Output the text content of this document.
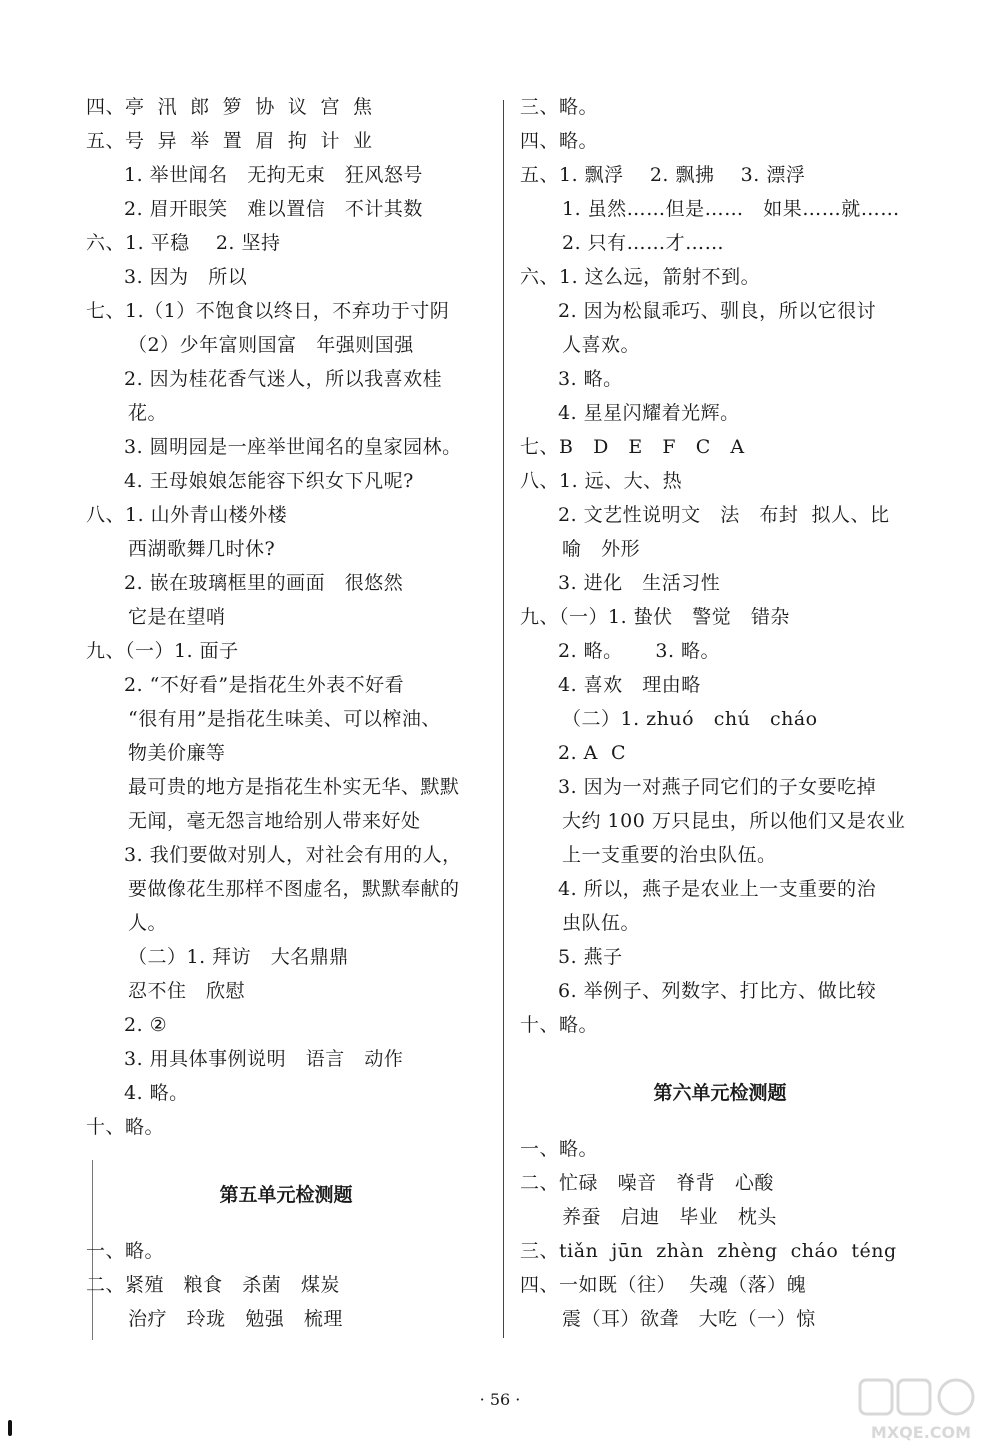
四、亭  汛  郎  箩  协  议  宫  焦
五、号  异  举  置  眉  拘  计  业
1. 举世闻名   无拘无束   狂风怒号
2. 眉开眼笑   难以置信   不计其数
六、1. 平稳    2. 坚持
3. 因为   所以
七、1.（1）不饱食以终日，不弃功于寸阴
（2）少年富则国富   年强则国强
2. 因为桂花香气迷人，所以我喜欢桂
花。
3. 圆明园是一座举世闻名的皇家园林。
4. 王母娘娘怎能容下织女下凡呢?
八、1. 山外青山楼外楼
西湖歌舞几时休?
2. 嵌在玻璃框里的画面   很悠然
它是在望哨
九、（一）1. 面子
2. “不好看”是指花生外表不好看
“很有用”是指花生味美、可以榨油、
物美价廉等
最可贵的地方是指花生朴实无华、默默
无闻，毫无怨言地给别人带来好处
3. 我们要做对别人，对社会有用的人，
要做像花生那样不图虚名，默默奉献的
人。
（二）1. 拜访   大名鼎鼎
忍不住   欣慰
2. ②
3. 用具体事例说明   语言   动作
4. 略。
十、略。
第五单元检测题
一、略。
二、紧殖   粮食   杀菌   煤炭
治疗   玲珑   勉强   梳理
三、略。
四、略。
五、1. 飘浮    2. 飘拂    3. 漂浮
1. 虽然……但是……   如果……就……
2. 只有……才……
六、1. 这么远，箭射不到。
2. 因为松鼠乖巧、驯良，所以它很讨
人喜欢。
3. 略。
4. 星星闪耀着光辉。
七、B   D   E   F   C   A
八、1. 远、大、热
2. 文艺性说明文   法   布封  拟人、比
喻   外形
3. 进化   生活习性
九、（一）1. 蛰伏   警觉   错杂
2. 略。     3. 略。
4. 喜欢   理由略
（二）1. zhuó   chú   cháo
2. A  C
3. 因为一对燕子同它们的子女要吃掉
大约 100 万只昆虫，所以他们又是农业
上一支重要的治虫队伍。
4. 所以，燕子是农业上一支重要的治
虫队伍。
5. 燕子
6. 举例子、列数字、打比方、做比较
十、略。
第六单元检测题
一、略。
二、忙碌   噪音   脊背   心酸
养蚕   启迪   毕业   枕头
三、tiǎn  jūn  zhàn  zhèng  cháo  téng
四、一如既（往）  失魂（落）魄
震（耳）欲聋   大吃（一）惊
· 56 ·
MXQE.COM
